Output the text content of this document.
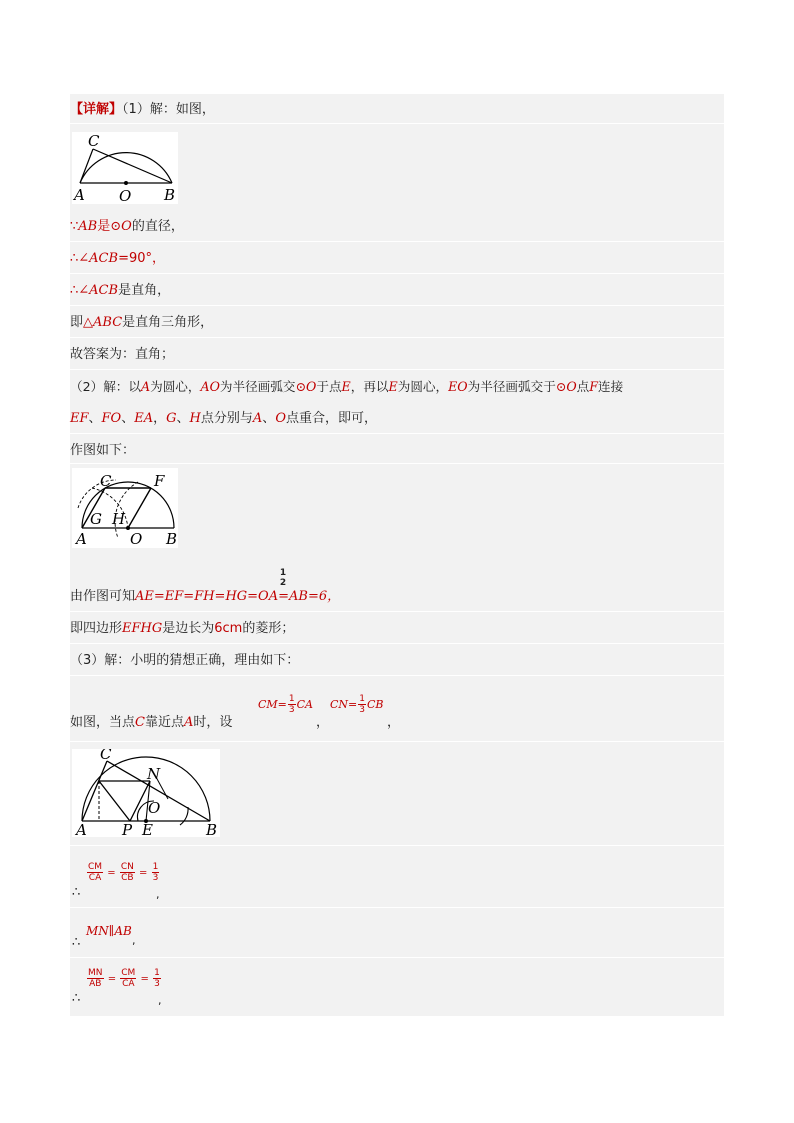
【详解】（1）解：如图，
C
A O B
∵AB是⊙O的直径，
∴∠ACB=90°，
∴∠ACB是直角，
即△ABC是直角三角形，
故答案为：直角；
（2）解：以A为圆心，AO为半径画弧交⊙O于点E，再以E为圆心，EO为半径画弧交于⊙O点F连接
EF、FO、EA，G、H点分别与A、O点重合，即可，
作图如下：
C	F
G H
A	O B
1
2
由作图可知AE=EF=FH=HG=OA=AB=6，
即四边形EFHG是边长为6cm的菱形；
（3）解：小明的猜想正确，理由如下：
如图，当点C靠近点A时，设
$CM= \frac{1}{3}$ CA
，
$CN= \frac{1}{3}$ CB
，
C
N
O
A P E	B
∴
$\frac{CM}{CA} = \frac{CN}{CB} = \frac{1}{3}$
,
∴
MN∥AB
,
∴
$\frac{MN}{AB} = \frac{CM}{CA} = \frac{1}{3}$
,
